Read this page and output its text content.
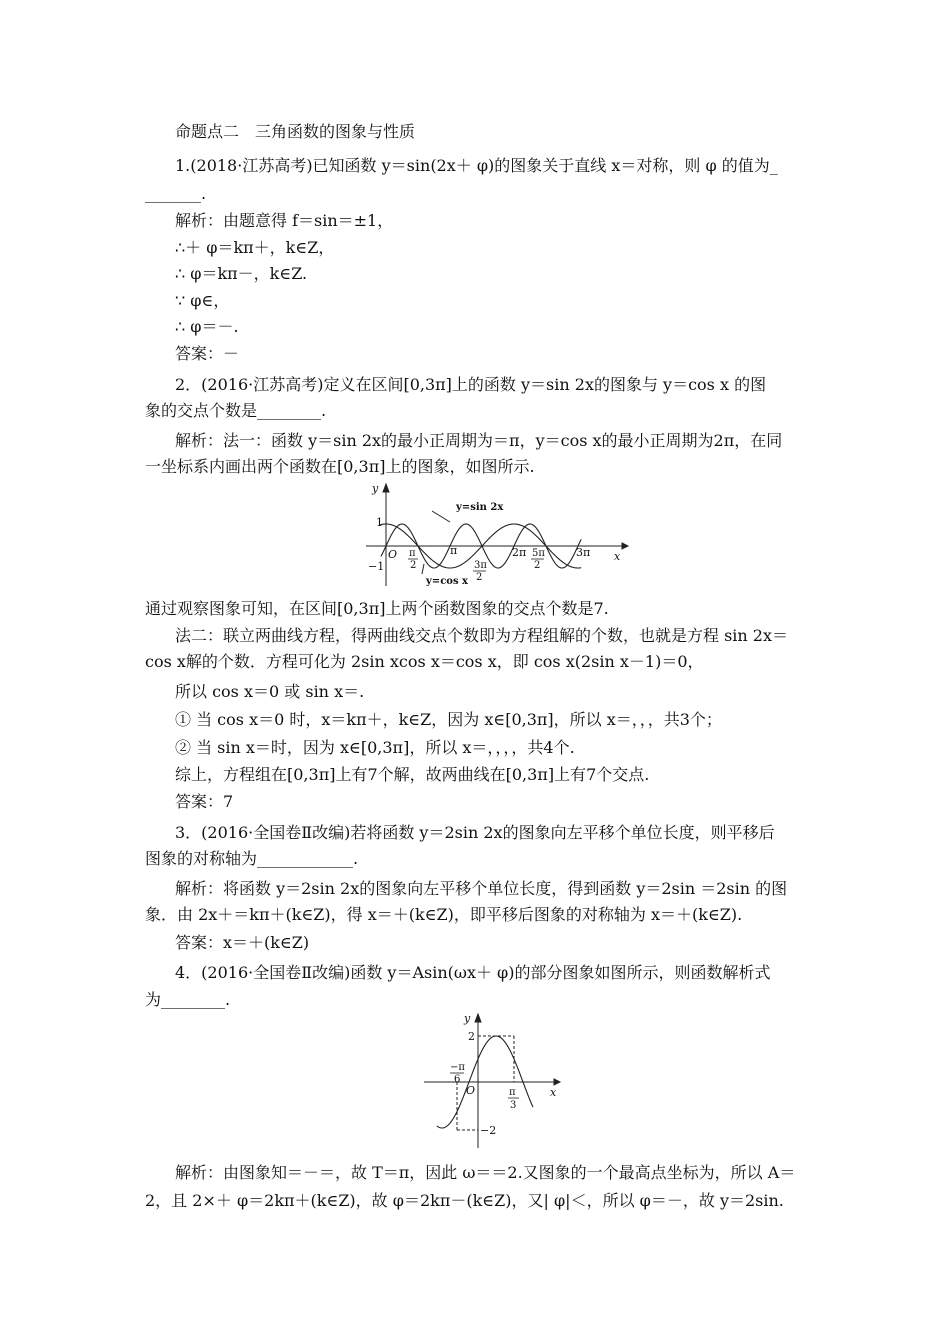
命题点二　三角函数的图象与性质
1.(2018·江苏高考)已知函数 y＝sin(2x＋ φ)的图象关于直线 x＝对称，则 φ 的值为_
_______.
解析：由题意得 f＝sin＝±1，
∴＋ φ＝kπ＋，k∈Z，
∴ φ＝kπ－，k∈Z.
∵ φ∈，
∴ φ＝－.
答案：－
2．(2016·江苏高考)定义在区间[0,3π]上的函数 y＝sin 2x的图象与 y＝cos x 的图
象的交点个数是________.
解析：法一：函数 y＝sin 2x的最小正周期为＝π，y＝cos x的最小正周期为2π，在同
一坐标系内画出两个函数在[0,3π]上的图象，如图所示.
y
x
O
1
−1
π
2
π
3π
2
2π 5π
2
3π
y=sin 2x
y=cos x
通过观察图象可知，在区间[0,3π]上两个函数图象的交点个数是7.
法二：联立两曲线方程，得两曲线交点个数即为方程组解的个数，也就是方程 sin 2x＝
cos x解的个数．方程可化为 2sin xcos x＝cos x，即 cos x(2sin x－1)＝0，
所以 cos x＝0 或 sin x＝.
① 当 cos x＝0 时，x＝kπ＋，k∈Z，因为 x∈[0,3π]，所以 x＝，，，共3个；
② 当 sin x＝时，因为 x∈[0,3π]，所以 x＝，，，，共4个.
综上，方程组在[0,3π]上有7个解，故两曲线在[0,3π]上有7个交点.
答案：7
3．(2016·全国卷Ⅱ改编)若将函数 y＝2sin 2x的图象向左平移个单位长度，则平移后
图象的对称轴为____________.
解析：将函数 y＝2sin 2x的图象向左平移个单位长度，得到函数 y＝2sin ＝2sin 的图
象．由 2x＋＝kπ＋(k∈Z)，得 x＝＋(k∈Z)，即平移后图象的对称轴为 x＝＋(k∈Z).
答案：x＝＋(k∈Z)
4．(2016·全国卷Ⅱ改编)函数 y＝Asin(ωx＋ φ)的部分图象如图所示，则函数解析式
为________.
y
x
O
2
−2
−π
6
π
3
解析：由图象知＝－＝，故 T＝π，因此 ω＝＝2.又图象的一个最高点坐标为，所以 A＝
2，且 2×＋ φ＝2kπ＋(k∈Z)，故 φ＝2kπ－(k∈Z)，又| φ|＜，所以 φ＝－，故 y＝2sin.
